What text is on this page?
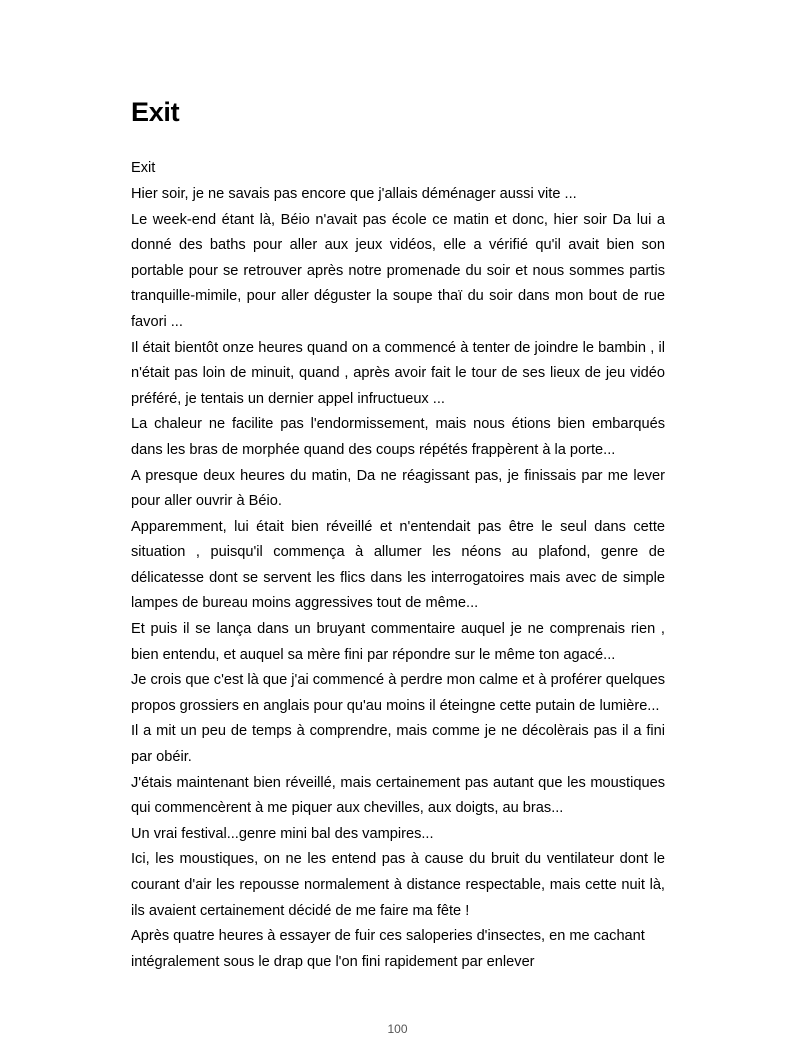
Exit

Exit

Hier soir, je ne savais pas encore que j'allais déménager aussi vite ...

Le week-end étant là, Béio n'avait pas école ce matin et donc, hier soir Da lui a donné des baths pour aller aux jeux vidéos, elle a vérifié qu'il avait bien son portable pour se retrouver après notre promenade du soir et nous sommes partis tranquille-mimile, pour aller déguster la soupe thaï du soir dans mon bout de rue favori ...

Il était bientôt onze heures quand on a commencé à tenter de joindre le bambin , il n'était pas loin de minuit, quand , après avoir fait le tour de ses lieux de jeu vidéo préféré, je tentais un dernier appel infructueux ...

La chaleur ne facilite pas l'endormissement, mais nous étions bien embarqués dans les bras de morphée quand des coups répétés frappèrent à la porte...

A presque deux heures du matin, Da ne réagissant pas, je finissais par me lever pour aller ouvrir à Béio.

Apparemment, lui était bien réveillé et n'entendait pas être le seul dans cette situation , puisqu'il commença à allumer les néons au plafond, genre de délicatesse dont se servent les flics dans les interrogatoires mais avec de simple lampes de bureau moins aggressives tout de même...

Et puis il se lança dans un bruyant commentaire auquel je ne comprenais rien , bien entendu, et auquel sa mère fini par répondre sur le même ton agacé...

Je crois que c'est là que j'ai commencé à perdre mon calme et à proférer quelques propos grossiers en anglais pour qu'au moins il éteingne cette putain de lumière...

Il a mit un peu de temps à comprendre, mais comme je ne décolèrais pas il a fini par obéir.

J'étais maintenant bien réveillé, mais certainement pas autant que les moustiques qui commencèrent à me piquer aux chevilles, aux doigts, au bras...

Un vrai festival...genre mini bal des vampires...

Ici, les moustiques, on ne les entend pas à cause du bruit du ventilateur dont le courant d'air les repousse normalement à distance respectable, mais cette nuit là, ils avaient certainement décidé de me faire ma fête !

Après quatre heures à essayer de fuir ces saloperies d'insectes, en me cachant intégralement sous le drap que l'on fini rapidement par enlever

100
